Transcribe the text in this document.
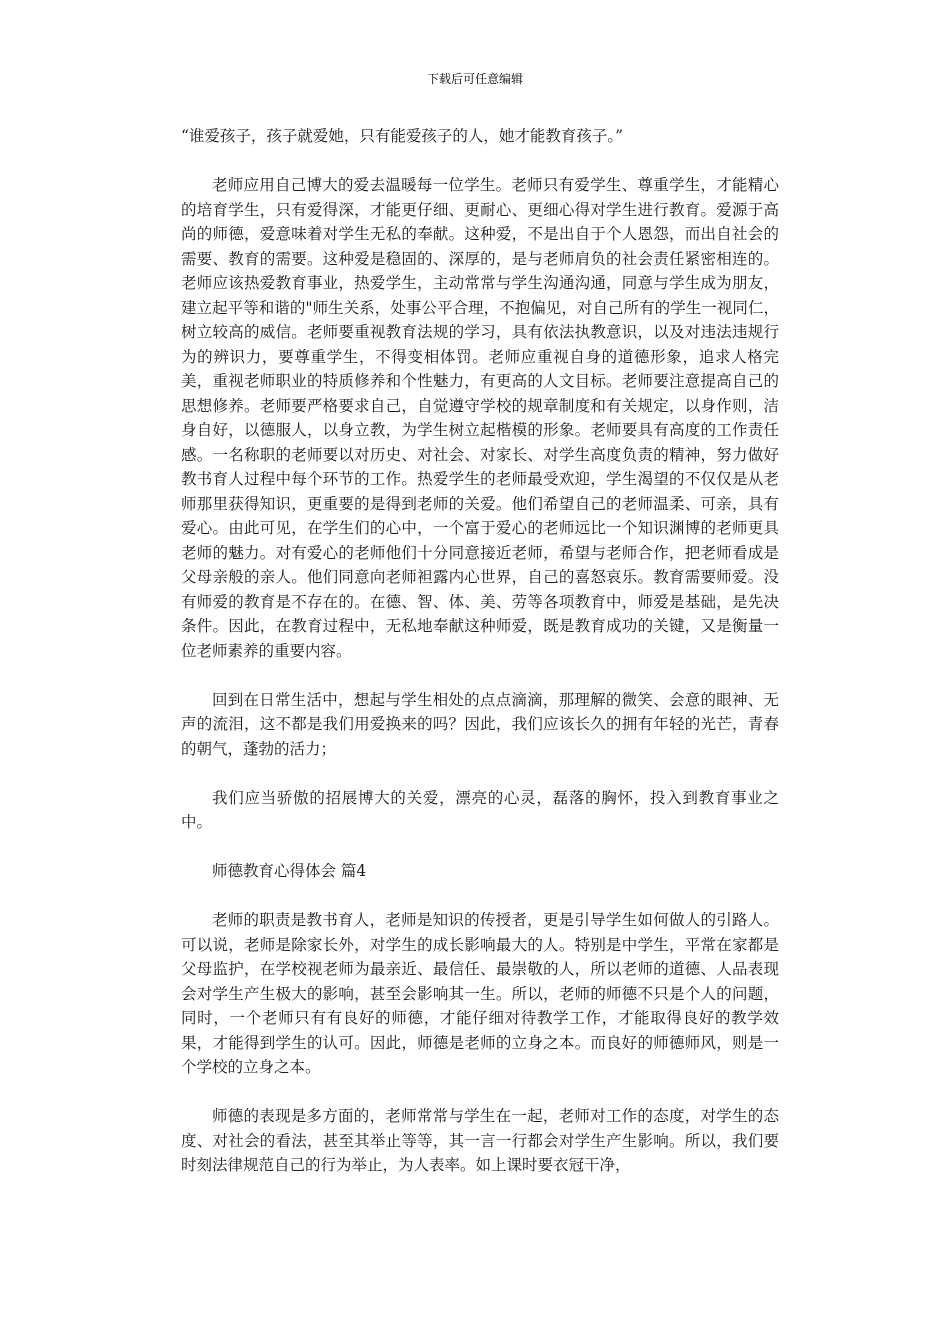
下载后可任意编辑

“谁爱孩子，孩子就爱她，只有能爱孩子的人，她才能教育孩子。”

老师应用自己博大的爱去温暖每一位学生。老师只有爱学生、尊重学生，才能精心的培育学生，只有爱得深，才能更仔细、更耐心、更细心得对学生进行教育。爱源于高尚的师德，爱意味着对学生无私的奉献。这种爱，不是出自于个人恩怨，而出自社会的需要、教育的需要。这种爱是稳固的、深厚的，是与老师肩负的社会责任紧密相连的。老师应该热爱教育事业，热爱学生，主动常常与学生沟通沟通，同意与学生成为朋友，建立起平等和谐的"师生关系，处事公平合理，不抱偏见，对自己所有的学生一视同仁，树立较高的威信。老师要重视教育法规的学习，具有依法执教意识，以及对违法违规行为的辨识力，要尊重学生，不得变相体罚。老师应重视自身的道德形象，追求人格完美，重视老师职业的特质修养和个性魅力，有更高的人文目标。老师要注意提高自己的思想修养。老师要严格要求自己，自觉遵守学校的规章制度和有关规定，以身作则，洁身自好，以德服人，以身立教，为学生树立起楷模的形象。老师要具有高度的工作责任感。一名称职的老师要以对历史、对社会、对家长、对学生高度负责的精神，努力做好教书育人过程中每个环节的工作。热爱学生的老师最受欢迎，学生渴望的不仅仅是从老师那里获得知识，更重要的是得到老师的关爱。他们希望自己的老师温柔、可亲，具有爱心。由此可见，在学生们的心中，一个富于爱心的老师远比一个知识渊博的老师更具老师的魅力。对有爱心的老师他们十分同意接近老师，希望与老师合作，把老师看成是父母亲般的亲人。他们同意向老师袒露内心世界，自己的喜怒哀乐。教育需要师爱。没有师爱的教育是不存在的。在德、智、体、美、劳等各项教育中，师爱是基础，是先决条件。因此，在教育过程中，无私地奉献这种师爱，既是教育成功的关键，又是衡量一位老师素养的重要内容。

回到在日常生活中，想起与学生相处的点点滴滴，那理解的微笑、会意的眼神、无声的流泪，这不都是我们用爱换来的吗？因此，我们应该长久的拥有年轻的光芒，青春的朝气，蓬勃的活力；

我们应当骄傲的招展博大的关爱，漂亮的心灵，磊落的胸怀，投入到教育事业之中。

师德教育心得体会 篇4

老师的职责是教书育人，老师是知识的传授者，更是引导学生如何做人的引路人。可以说，老师是除家长外，对学生的成长影响最大的人。特别是中学生，平常在家都是父母监护，在学校视老师为最亲近、最信任、最崇敬的人，所以老师的道德、人品表现会对学生产生极大的影响，甚至会影响其一生。所以，老师的师德不只是个人的问题，同时，一个老师只有有良好的师德，才能仔细对待教学工作，才能取得良好的教学效果，才能得到学生的认可。因此，师德是老师的立身之本。而良好的师德师风，则是一个学校的立身之本。

师德的表现是多方面的，老师常常与学生在一起，老师对工作的态度，对学生的态度、对社会的看法，甚至其举止等等，其一言一行都会对学生产生影响。所以，我们要时刻法律规范自己的行为举止，为人表率。如上课时要衣冠干净，
